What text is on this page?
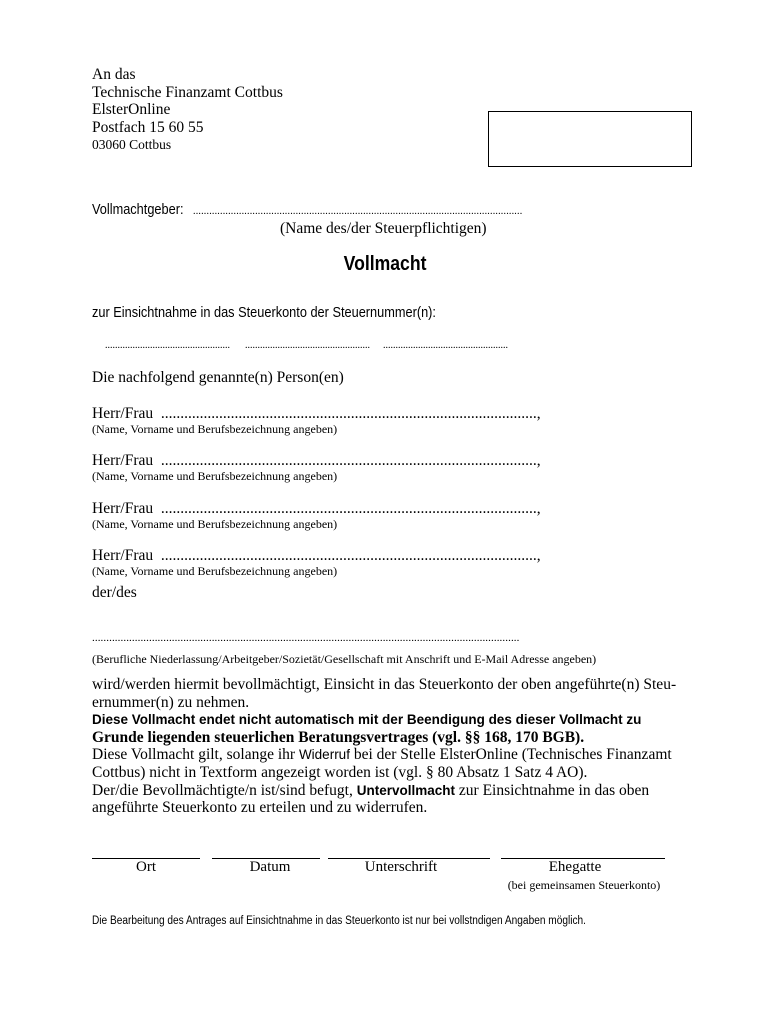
An das
Technische Finanzamt Cottbus
ElsterOnline
Postfach 15 60 55
03060 Cottbus
Vollmachtgeber: ..........................................................................................................................
(Name des/der Steuerpflichtigen)
Vollmacht
zur Einsichtnahme in das Steuerkonto der Steuernummer(n):
.................................................. .................................................. ..................................................
Die nachfolgend genannte(n) Person(en)
Herr/Frau .................................................................................................,
(Name, Vorname und Berufsbezeichnung angeben)
Herr/Frau .................................................................................................,
(Name, Vorname und Berufsbezeichnung angeben)
Herr/Frau .................................................................................................,
(Name, Vorname und Berufsbezeichnung angeben)
Herr/Frau .................................................................................................,
(Name, Vorname und Berufsbezeichnung angeben)
der/des
......................................................................................................................................................
(Berufliche Niederlassung/Arbeitgeber/Sozietät/Gesellschaft mit Anschrift und E-Mail Adresse angeben)

wird/werden hiermit bevollmächtigt, Einsicht in das Steuerkonto der oben angeführte(n) Steu-ernummer(n) zu nehmen.

Diese Vollmacht endet nicht automatisch mit der Beendigung des dieser Vollmacht zu

Grunde liegenden steuerlichen Beratungsvertrages (vgl. §§ 168, 170 BGB).

Diese Vollmacht gilt, solange ihr Widerruf bei der Stelle ElsterOnline (Technisches Finanzamt Cottbus) nicht in Textform angezeigt worden ist (vgl. § 80 Absatz 1 Satz 4 AO).

Der/die Bevollmächtigte/n ist/sind befugt, Untervollmacht zur Einsichtnahme in das oben angeführte Steuerkonto zu erteilen und zu widerrufen.

Ort	Datum	Unterschrift	Ehegatte
(bei gemeinsamen Steuerkonto)
Die Bearbeitung des Antrages auf Einsichtnahme in das Steuerkonto ist nur bei vollstndigen Angaben möglich.
